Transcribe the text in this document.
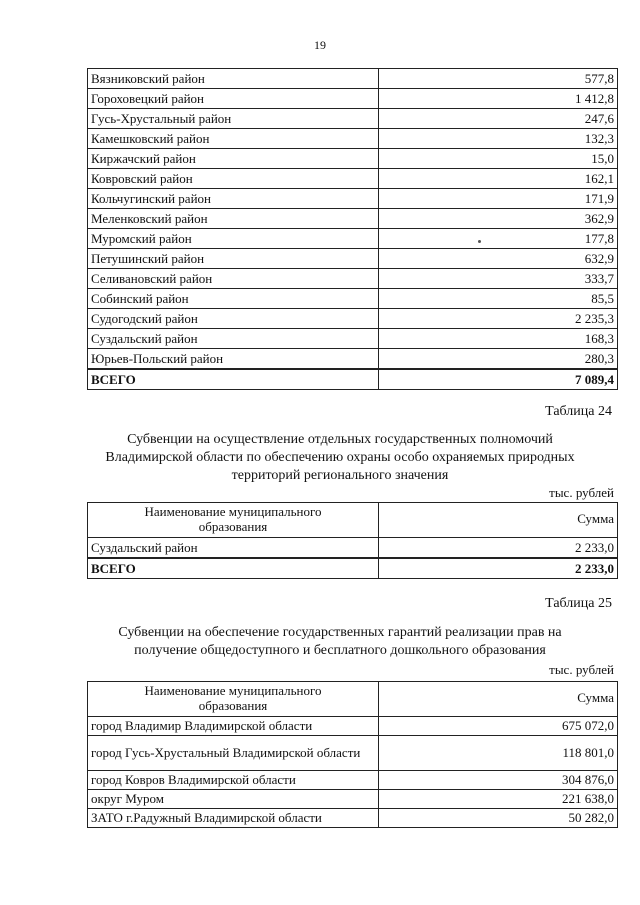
19
Вязниковский район	577,8
Гороховецкий район	1 412,8
Гусь-Хрустальный район	247,6
Камешковский район	132,3
Киржачский район	15,0
Ковровский район	162,1
Кольчугинский район	171,9
Меленковский район	362,9
Муромский район	177,8
Петушинский район	632,9
Селивановский район	333,7
Собинский район	85,5
Судогодский район	2 235,3
Суздальский район	168,3
Юрьев-Польский район	280,3
ВСЕГО	7 089,4
Таблица 24
Субвенции на осуществление отдельных государственных полномочий
Владимирской области по обеспечению охраны особо охраняемых природных
территорий регионального значения
тыс. рублей
Наименование муниципального
образования	Сумма
Суздальский район	2 233,0
ВСЕГО	2 233,0
Таблица 25
Субвенции на обеспечение государственных гарантий реализации прав на
получение общедоступного и бесплатного дошкольного образования
тыс. рублей
Наименование муниципального
образования	Сумма
город Владимир Владимирской области	675 072,0
город Гусь-Хрустальный Владимирской области	118 801,0
город Ковров Владимирской области	304 876,0
округ Муром	221 638,0
ЗАТО г.Радужный Владимирской области	50 282,0
